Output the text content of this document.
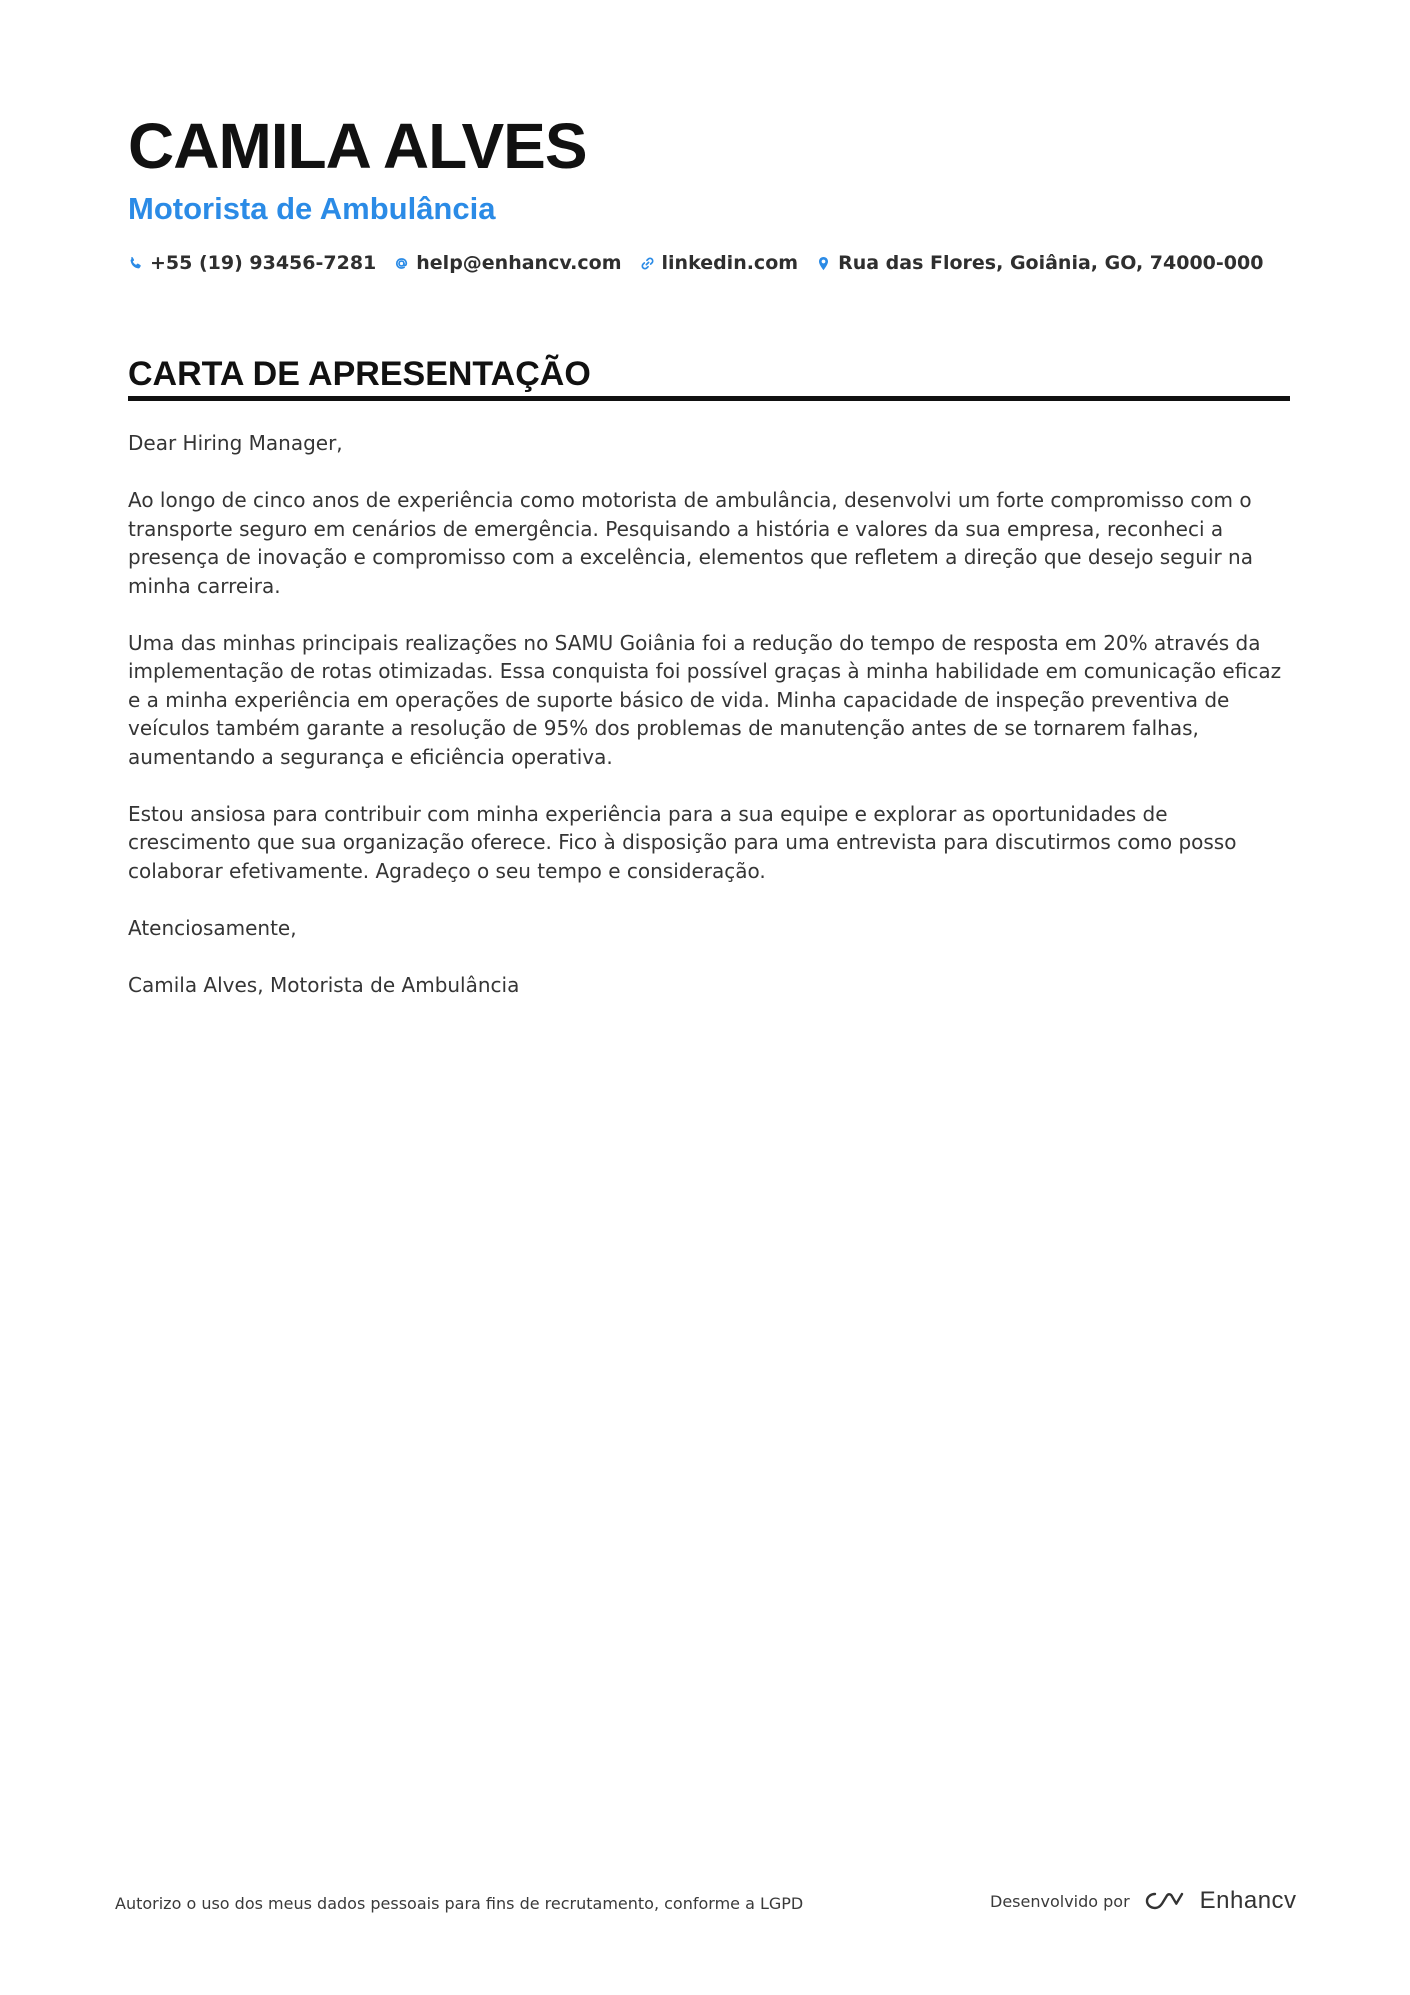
CAMILA ALVES
Motorista de Ambulância
+55 (19) 93456-7281 help@enhancv.com linkedin.com Rua das Flores, Goiânia, GO, 74000-000
CARTA DE APRESENTAÇÃO

Dear Hiring Manager,

Ao longo de cinco anos de experiência como motorista de ambulância, desenvolvi um forte compromisso com o transporte seguro em cenários de emergência. Pesquisando a história e valores da sua empresa, reconheci a presença de inovação e compromisso com a excelência, elementos que refletem a direção que desejo seguir na minha carreira.

Uma das minhas principais realizações no SAMU Goiânia foi a redução do tempo de resposta em 20% através da implementação de rotas otimizadas. Essa conquista foi possível graças à minha habilidade em comunicação eficaz e a minha experiência em operações de suporte básico de vida. Minha capacidade de inspeção preventiva de veículos também garante a resolução de 95% dos problemas de manutenção antes de se tornarem falhas, aumentando a segurança e eficiência operativa.

Estou ansiosa para contribuir com minha experiência para a sua equipe e explorar as oportunidades de crescimento que sua organização oferece. Fico à disposição para uma entrevista para discutirmos como posso colaborar efetivamente. Agradeço o seu tempo e consideração.

Atenciosamente,

Camila Alves, Motorista de Ambulância

Autorizo o uso dos meus dados pessoais para fins de recrutamento, conforme a LGPD	Desenvolvido por	Enhancv
